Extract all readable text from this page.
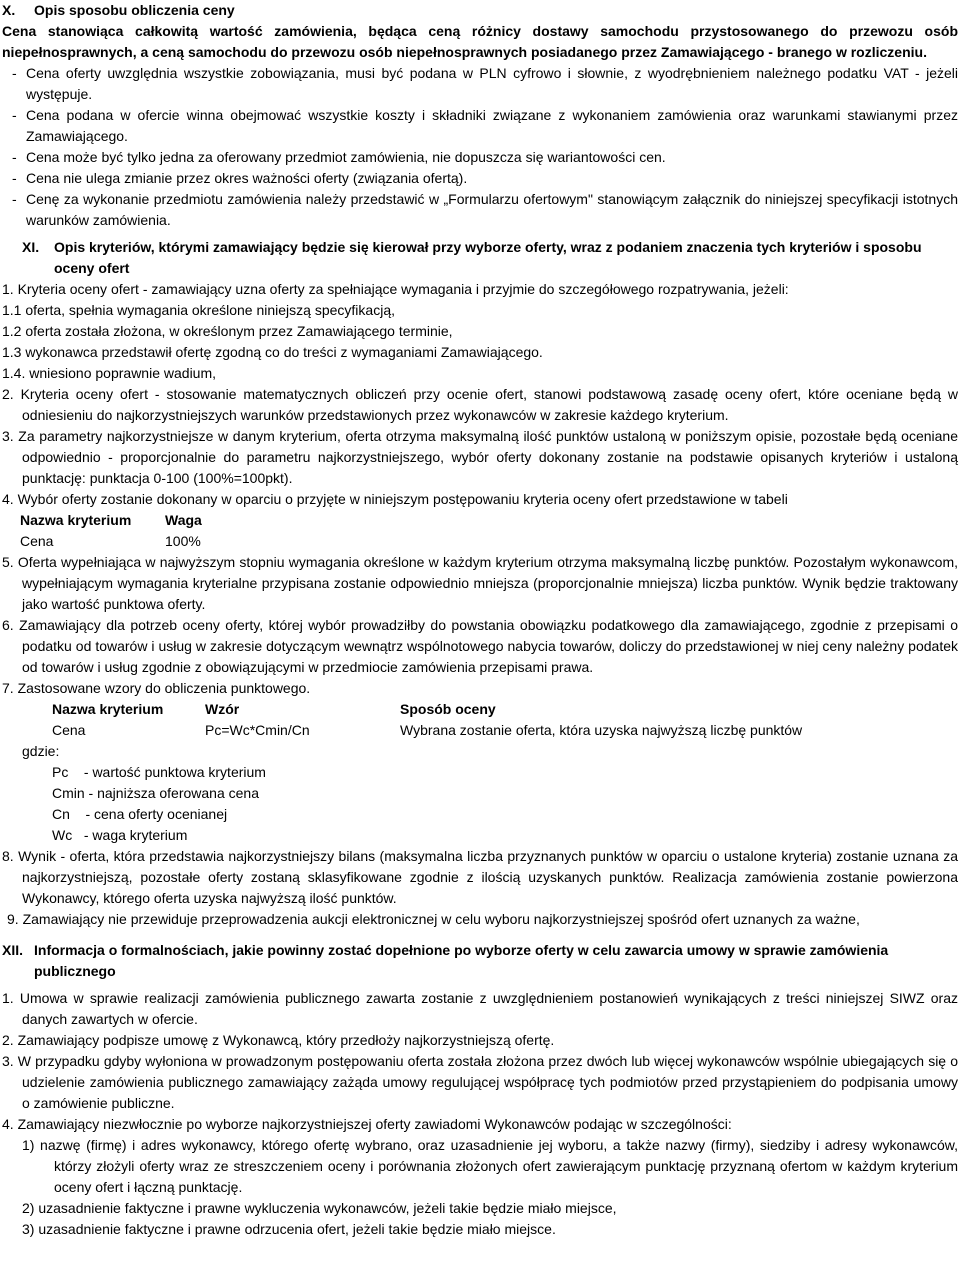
X.	Opis sposobu obliczenia ceny

Cena stanowiąca całkowitą wartość zamówienia, będąca ceną różnicy dostawy samochodu przystosowanego do przewozu osób niepełnosprawnych, a ceną samochodu do przewozu osób niepełnosprawnych posiadanego przez Zamawiającego - branego w rozliczeniu.

- Cena oferty uwzględnia wszystkie zobowiązania, musi być podana w PLN cyfrowo i słownie, z wyodrębnieniem należnego podatku VAT - jeżeli występuje.
- Cena podana w ofercie winna obejmować wszystkie koszty i składniki związane z wykonaniem zamówienia oraz warunkami stawianymi przez Zamawiającego.
- Cena może być tylko jedna za oferowany przedmiot zamówienia, nie dopuszcza się wariantowości cen.
- Cena nie ulega zmianie przez okres ważności oferty (związania ofertą).
- Cenę za wykonanie przedmiotu zamówienia należy przedstawić w „Formularzu ofertowym" stanowiącym załącznik do niniejszej specyfikacji istotnych warunków zamówienia.
XI.	Opis kryteriów, którymi zamawiający będzie się kierował przy wyborze oferty, wraz z podaniem znaczenia tych kryteriów i sposobu oceny ofert

1. Kryteria oceny ofert - zamawiający uzna oferty za spełniające wymagania i przyjmie do szczegółowego rozpatrywania, jeżeli:

1.1 oferta, spełnia wymagania określone niniejszą specyfikacją,

1.2 oferta została złożona, w określonym przez Zamawiającego terminie,

1.3 wykonawca przedstawił ofertę zgodną co do treści z wymaganiami Zamawiającego.

1.4. wniesiono poprawnie wadium,

2. Kryteria oceny ofert - stosowanie matematycznych obliczeń przy ocenie ofert, stanowi podstawową zasadę oceny ofert, które oceniane będą w odniesieniu do najkorzystniejszych warunków przedstawionych przez wykonawców w zakresie każdego kryterium.

3. Za parametry najkorzystniejsze w danym kryterium, oferta otrzyma maksymalną ilość punktów ustaloną w poniższym opisie, pozostałe będą oceniane odpowiednio - proporcjonalnie do parametru najkorzystniejszego, wybór oferty dokonany zostanie na podstawie opisanych kryteriów i ustaloną punktację: punktacja 0-100 (100%=100pkt).

4. Wybór oferty zostanie dokonany w oparciu o przyjęte w niniejszym postępowaniu kryteria oceny ofert przedstawione w tabeli

Nazwa kryterium	Waga
Cena	100%

5. Oferta wypełniająca w najwyższym stopniu wymagania określone w każdym kryterium otrzyma maksymalną liczbę punktów. Pozostałym wykonawcom, wypełniającym wymagania kryterialne przypisana zostanie odpowiednio mniejsza (proporcjonalnie mniejsza) liczba punktów. Wynik będzie traktowany jako wartość punktowa oferty.

6. Zamawiający dla potrzeb oceny oferty, której wybór prowadziłby do powstania obowiązku podatkowego dla zamawiającego, zgodnie z przepisami o podatku od towarów i usług w zakresie dotyczącym wewnątrz wspólnotowego nabycia towarów, doliczy do przedstawionej w niej ceny należny podatek od towarów i usług zgodnie z obowiązującymi w przedmiocie zamówienia przepisami prawa.

7. Zastosowane wzory do obliczenia punktowego.

Nazwa kryterium	Wzór	Sposób oceny
Cena	Pc=Wc*Cmin/Cn	Wybrana zostanie oferta, która uzyska najwyższą liczbę punktów

gdzie:

Pc    - wartość punktowa kryterium

Cmin - najniższa oferowana cena

Cn    - cena oferty ocenianej

Wc   - waga kryterium

8. Wynik - oferta, która przedstawia najkorzystniejszy bilans (maksymalna liczba przyznanych punktów w oparciu o ustalone kryteria) zostanie uznana za najkorzystniejszą, pozostałe oferty zostaną sklasyfikowane zgodnie z ilością uzyskanych punktów. Realizacja zamówienia zostanie powierzona Wykonawcy, którego oferta uzyska najwyższą ilość punktów.

9. Zamawiający nie przewiduje przeprowadzenia aukcji elektronicznej w celu wyboru najkorzystniejszej spośród ofert uznanych za ważne,

XII. Informacja o formalnościach, jakie powinny zostać dopełnione po wyborze oferty w celu zawarcia umowy w sprawie zamówienia publicznego

1. Umowa w sprawie realizacji zamówienia publicznego zawarta zostanie z uwzględnieniem postanowień wynikających z treści niniejszej SIWZ oraz danych zawartych w ofercie.

2. Zamawiający podpisze umowę z Wykonawcą, który przedłoży najkorzystniejszą ofertę.

3. W przypadku gdyby wyłoniona w prowadzonym postępowaniu oferta została złożona przez dwóch lub więcej wykonawców wspólnie ubiegających się o udzielenie zamówienia publicznego zamawiający zażąda umowy regulującej współpracę tych podmiotów przed przystąpieniem do podpisania umowy o zamówienie publiczne.

4. Zamawiający niezwłocznie po wyborze najkorzystniejszej oferty zawiadomi Wykonawców podając w szczególności:

1) nazwę (firmę) i adres wykonawcy, którego ofertę wybrano, oraz uzasadnienie jej wyboru, a także nazwy (firmy), siedziby i adresy wykonawców, którzy złożyli oferty wraz ze streszczeniem oceny i porównania złożonych ofert zawierającym punktację przyznaną ofertom w każdym kryterium oceny ofert i łączną punktację.

2) uzasadnienie faktyczne i prawne wykluczenia wykonawców, jeżeli takie będzie miało miejsce,

3) uzasadnienie faktyczne i prawne odrzucenia ofert, jeżeli takie będzie miało miejsce.
